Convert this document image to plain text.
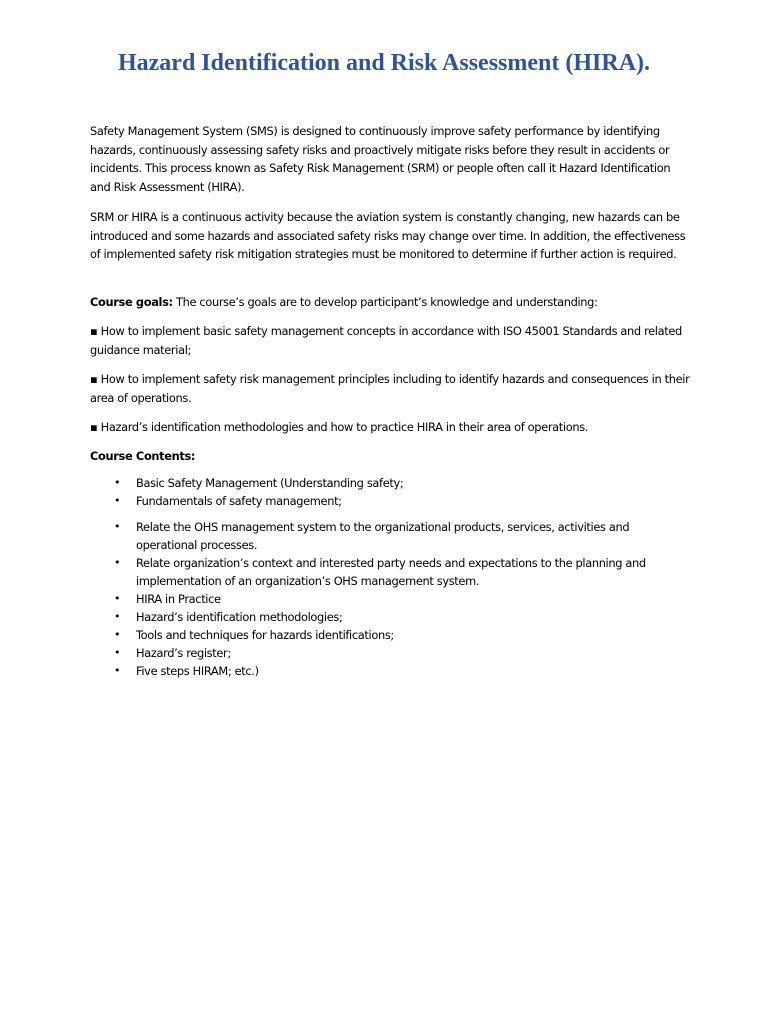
Hazard Identification and Risk Assessment (HIRA).

Safety Management System (SMS) is designed to continuously improve safety performance by identifying hazards, continuously assessing safety risks and proactively mitigate risks before they result in accidents or incidents. This process known as Safety Risk Management (SRM) or people often call it Hazard Identification and Risk Assessment (HIRA).

SRM or HIRA is a continuous activity because the aviation system is constantly changing, new hazards can be introduced and some hazards and associated safety risks may change over time. In addition, the effectiveness of implemented safety risk mitigation strategies must be monitored to determine if further action is required.

Course goals: The course’s goals are to develop participant’s knowledge and understanding:

▪ How to implement basic safety management concepts in accordance with ISO 45001 Standards and related guidance material;

▪ How to implement safety risk management principles including to identify hazards and consequences in their area of operations.

▪ Hazard’s identification methodologies and how to practice HIRA in their area of operations.

Course Contents:

• Basic Safety Management (Understanding safety;
• Fundamentals of safety management;
• Relate the OHS management system to the organizational products, services, activities and operational processes.
• Relate organization’s context and interested party needs and expectations to the planning and implementation of an organization’s OHS management system.
• HIRA in Practice
• Hazard’s identification methodologies;
• Tools and techniques for hazards identifications;
• Hazard’s register;
• Five steps HIRAM; etc.)
